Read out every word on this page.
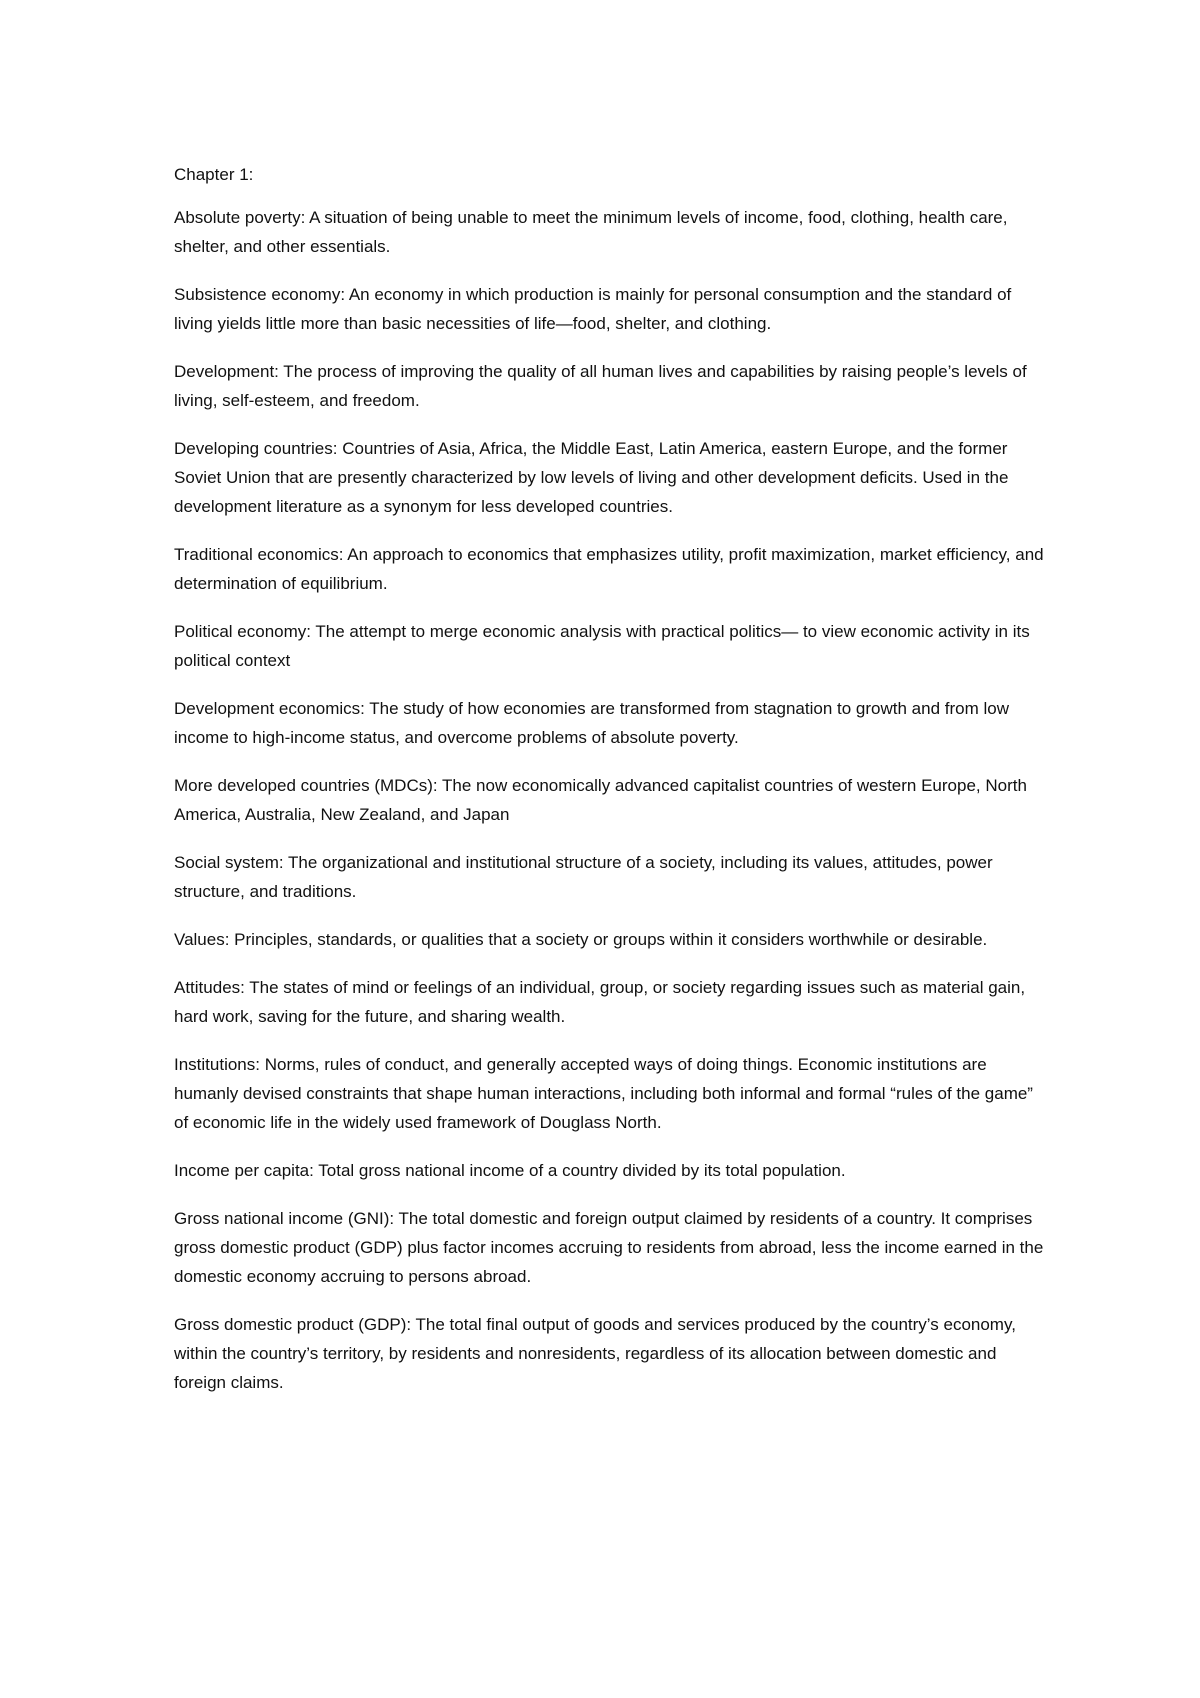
Chapter 1:

Absolute poverty: A situation of being unable to meet the minimum levels of income, food, clothing, health care, shelter, and other essentials.

Subsistence economy: An economy in which production is mainly for personal consumption and the standard of living yields little more than basic necessities of life—food, shelter, and clothing.

Development: The process of improving the quality of all human lives and capabilities by raising people’s levels of living, self-esteem, and freedom.

Developing countries: Countries of Asia, Africa, the Middle East, Latin America, eastern Europe, and the former Soviet Union that are presently characterized by low levels of living and other development deficits. Used in the development literature as a synonym for less developed countries.

Traditional economics: An approach to economics that emphasizes utility, profit maximization, market efficiency, and determination of equilibrium.

Political economy: The attempt to merge economic analysis with practical politics— to view economic activity in its political context

Development economics: The study of how economies are transformed from stagnation to growth and from low income to high-income status, and overcome problems of absolute poverty.

More developed countries (MDCs): The now economically advanced capitalist countries of western Europe, North America, Australia, New Zealand, and Japan

Social system: The organizational and institutional structure of a society, including its values, attitudes, power structure, and traditions.

Values: Principles, standards, or qualities that a society or groups within it considers worthwhile or desirable.

Attitudes: The states of mind or feelings of an individual, group, or society regarding issues such as material gain, hard work, saving for the future, and sharing wealth.

Institutions: Norms, rules of conduct, and generally accepted ways of doing things. Economic institutions are humanly devised constraints that shape human interactions, including both informal and formal “rules of the game” of economic life in the widely used framework of Douglass North.

Income per capita: Total gross national income of a country divided by its total population.

Gross national income (GNI): The total domestic and foreign output claimed by residents of a country. It comprises gross domestic product (GDP) plus factor incomes accruing to residents from abroad, less the income earned in the domestic economy accruing to persons abroad.

Gross domestic product (GDP): The total final output of goods and services produced by the country’s economy, within the country’s territory, by residents and nonresidents, regardless of its allocation between domestic and foreign claims.
